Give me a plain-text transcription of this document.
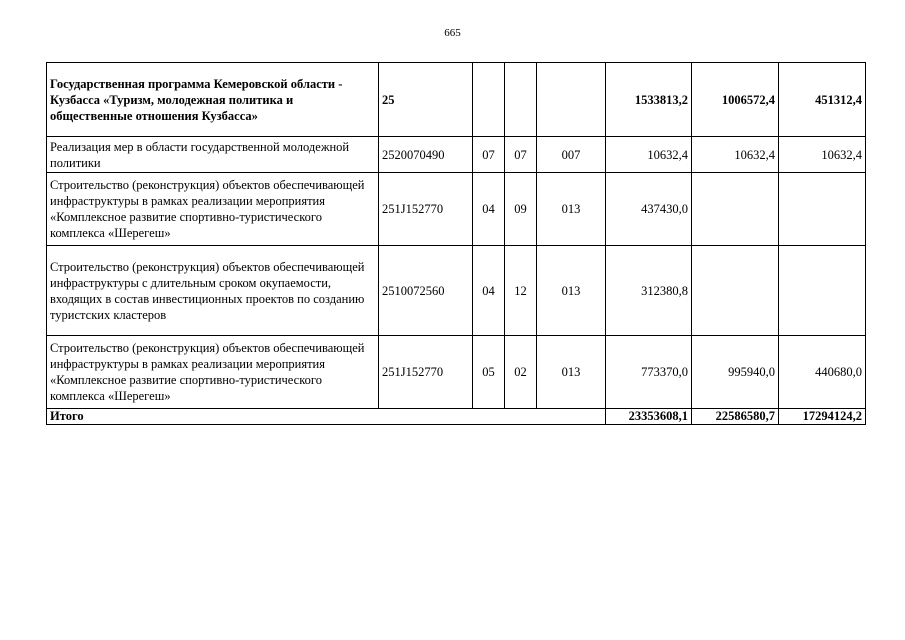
665
Государственная программа Кемеровской области - Кузбасса «Туризм, молодежная политика и общественные отношения Кузбасса»	25				1533813,2	1006572,4	451312,4
Реализация мер в области государственной молодежной политики	2520070490	07	07	007	10632,4	10632,4	10632,4
Строительство (реконструкция) объектов обеспечивающей инфраструктуры в рамках реализации мероприятия «Комплексное развитие спортивно-туристического комплекса «Шерегеш»	251J152770	04	09	013	437430,0		
Строительство (реконструкция) объектов обеспечивающей инфраструктуры с длительным сроком окупаемости, входящих в состав инвестиционных проектов по созданию туристских кластеров	2510072560	04	12	013	312380,8		
Строительство (реконструкция) объектов обеспечивающей инфраструктуры в рамках реализации мероприятия «Комплексное развитие спортивно-туристического комплекса «Шерегеш»	251J152770	05	02	013	773370,0	995940,0	440680,0
Итого					23353608,1	22586580,7	17294124,2
